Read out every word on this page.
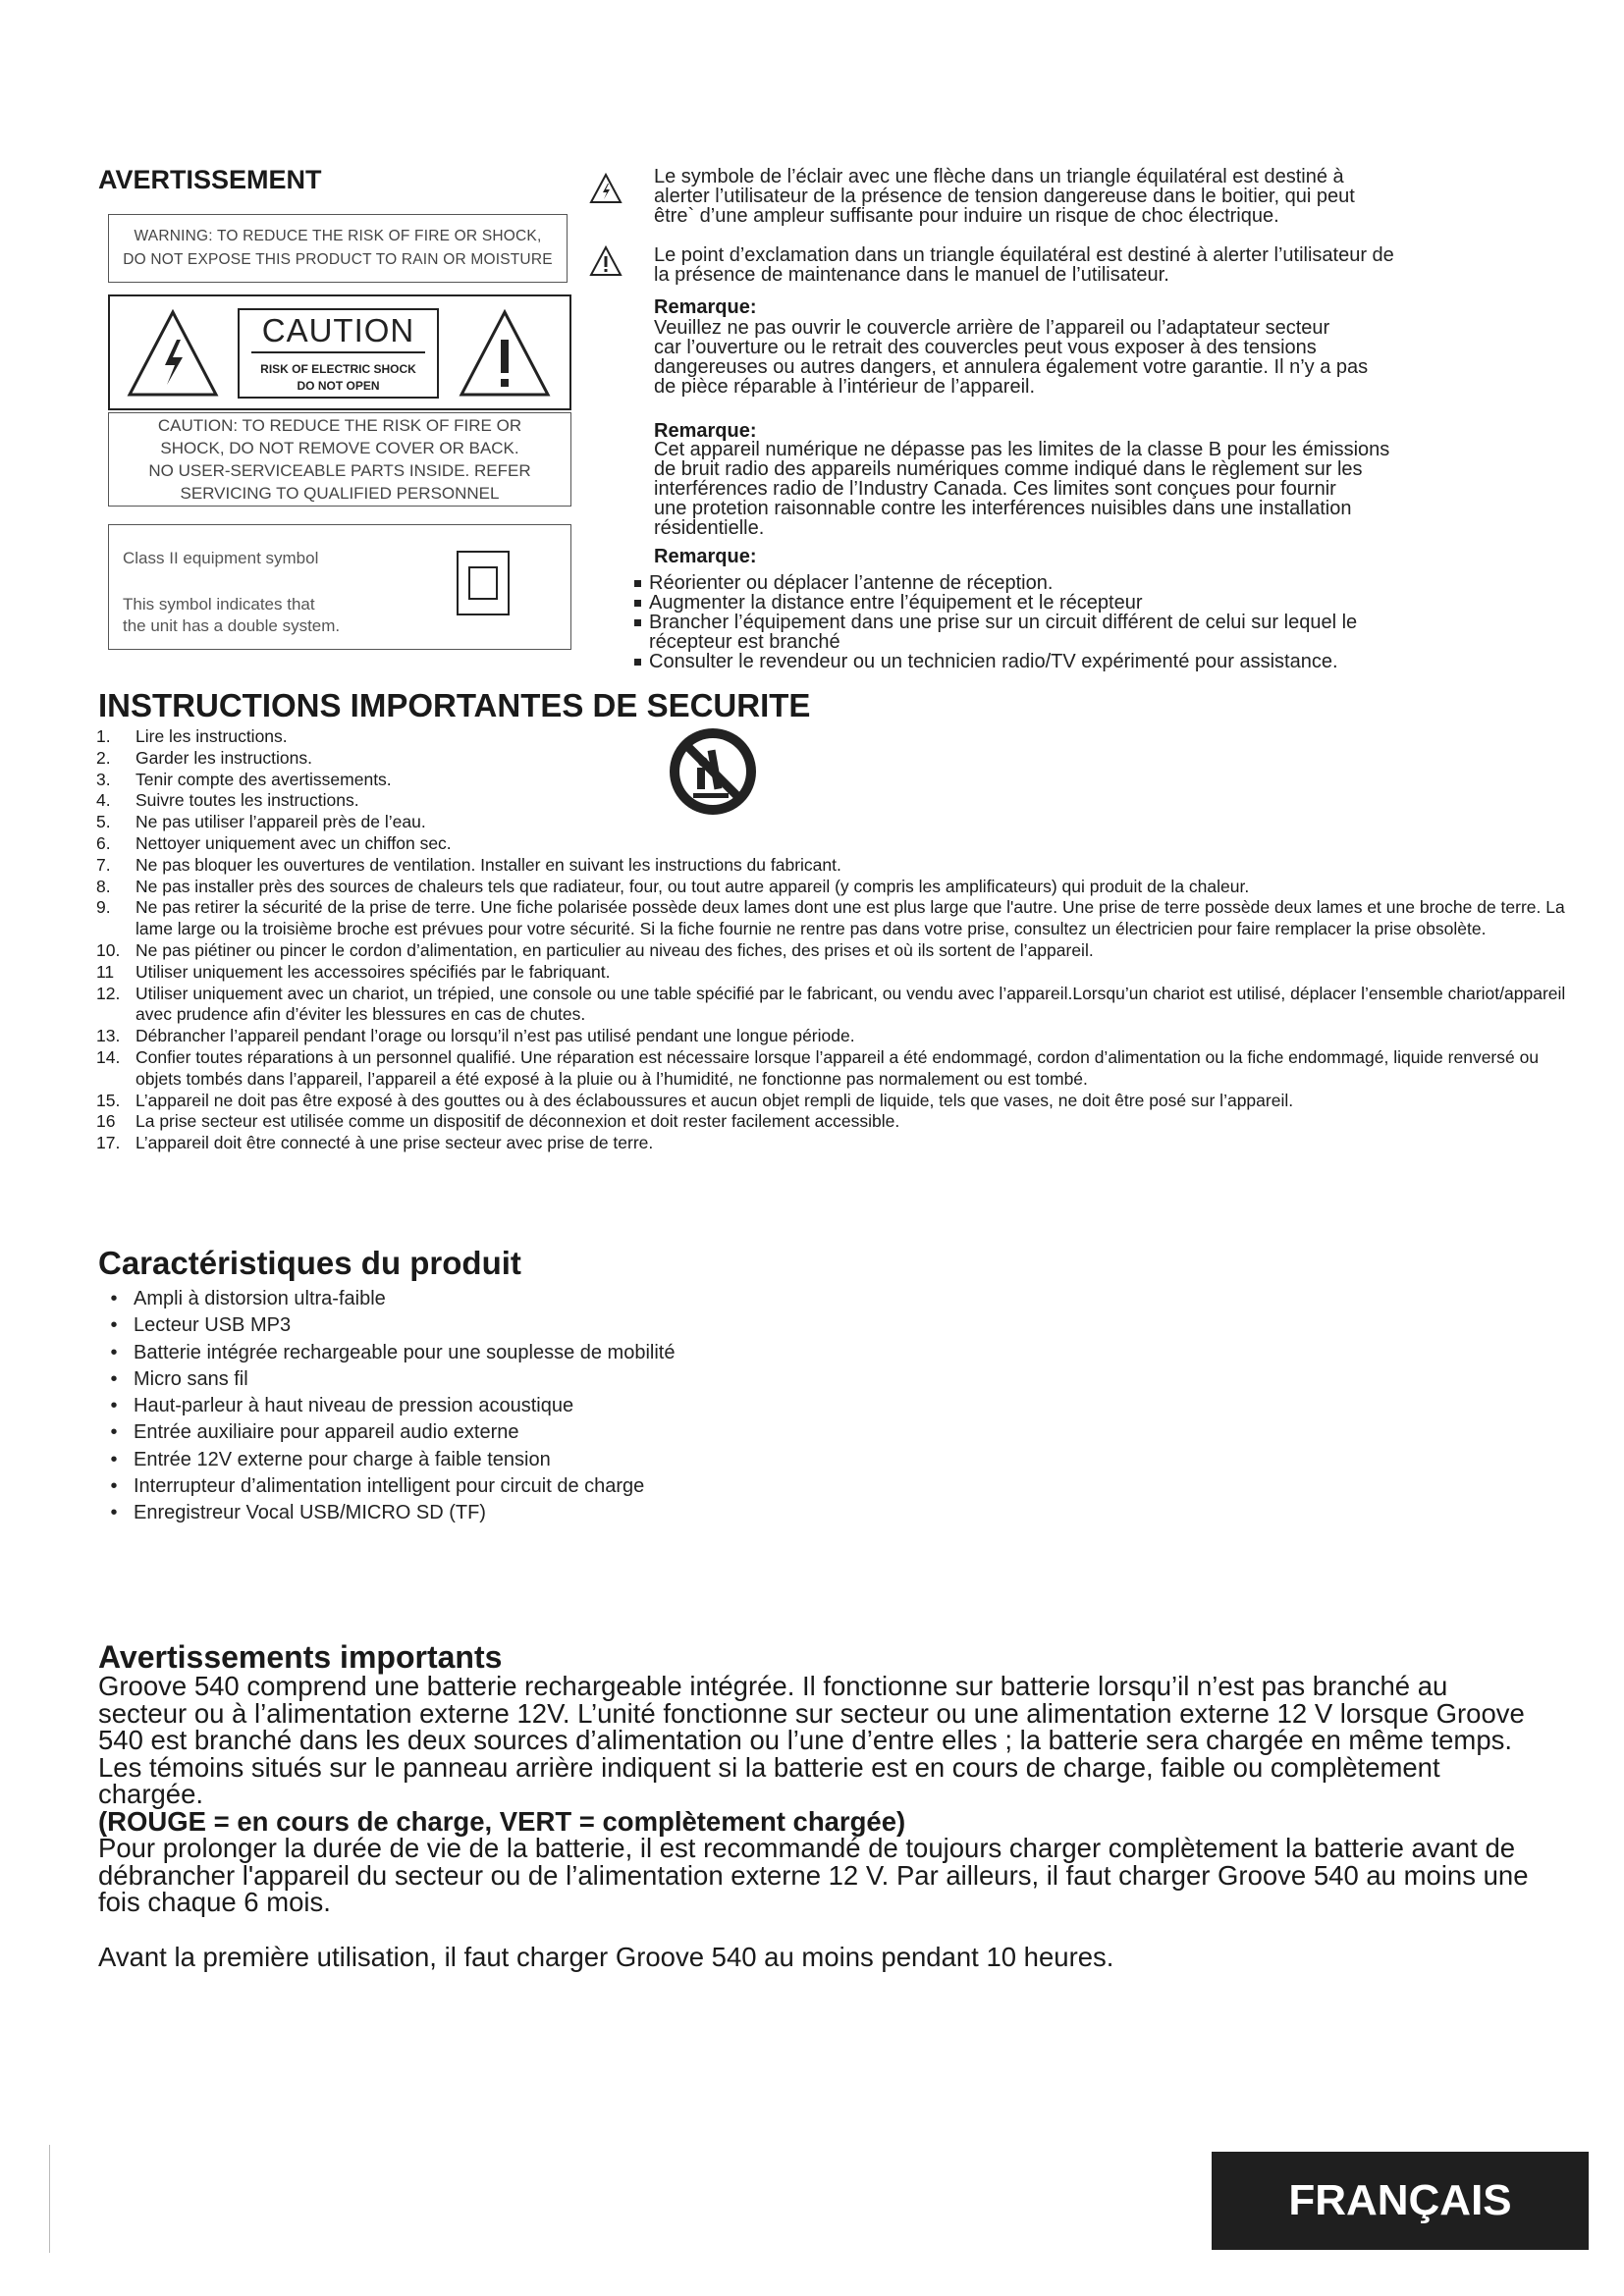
AVERTISSEMENT
WARNING: TO REDUCE THE RISK OF FIRE OR SHOCK,
DO NOT EXPOSE THIS PRODUCT TO RAIN OR MOISTURE
CAUTION
RISK OF ELECTRIC SHOCK
DO NOT OPEN
CAUTION: TO REDUCE THE RISK OF FIRE OR
SHOCK, DO NOT REMOVE COVER OR BACK.
NO USER-SERVICEABLE PARTS INSIDE. REFER
SERVICING TO QUALIFIED PERSONNEL
Class II equipment symbol
This symbol indicates that
the unit has a double system.
Le symbole de l’éclair avec une flèche dans un triangle équilatéral est destiné à
alerter l’utilisateur de la présence de tension dangereuse dans le boitier, qui peut
être` d’une ampleur suffisante pour induire un risque de choc électrique.
Le point d’exclamation dans un triangle équilatéral est destiné à alerter l’utilisateur de
la présence de maintenance dans le manuel de l’utilisateur.
Remarque:
Veuillez ne pas ouvrir le couvercle arrière de l’appareil ou l’adaptateur secteur
car l’ouverture ou le retrait des couvercles peut vous exposer à des tensions
dangereuses ou autres dangers, et annulera également votre garantie. Il n’y a pas
de pièce réparable à l’intérieur de l’appareil.
Remarque:
Cet appareil numérique ne dépasse pas les limites de la classe B pour les émissions
de bruit radio des appareils numériques comme indiqué dans le règlement sur les
interférences radio de l’Industry Canada. Ces limites sont conçues pour fournir
une protetion raisonnable contre les interférences nuisibles dans une installation
résidentielle.
Remarque:
Réorienter ou déplacer l’antenne de réception.
Augmenter la distance entre l’équipement et le récepteur
Brancher l’équipement dans une prise sur un circuit différent de celui sur lequel le
récepteur est branché
Consulter le revendeur ou un technicien radio/TV expérimenté pour assistance.
INSTRUCTIONS IMPORTANTES DE SECURITE
1.	Lire les instructions.
2.	Garder les instructions.
3.	Tenir compte des avertissements.
4.	Suivre toutes les instructions.
5.	Ne pas utiliser l’appareil près de l’eau.
6.	Nettoyer uniquement avec un chiffon sec.
7.	Ne pas bloquer les ouvertures de ventilation. Installer en suivant les instructions du fabricant.
8.	Ne pas installer près des sources de chaleurs tels que radiateur, four, ou tout autre appareil (y compris les amplificateurs) qui produit de la chaleur.
9.	Ne pas retirer la sécurité de la prise de terre. Une fiche polarisée possède deux lames dont une est plus large que l'autre. Une prise de terre possède deux lames et une broche de terre. La lame large ou la troisième broche est prévues pour votre sécurité. Si la fiche fournie ne rentre pas dans votre prise, consultez un électricien pour faire remplacer la prise obsolète.
10. Ne pas piétiner ou pincer le cordon d’alimentation, en particulier au niveau des fiches, des prises et où ils sortent de l’appareil.
11	Utiliser uniquement les accessoires spécifiés par le fabriquant.
12. Utiliser uniquement avec un chariot, un trépied, une console ou une table spécifié par le fabricant, ou vendu avec l’appareil.Lorsqu’un chariot est utilisé, déplacer l’ensemble chariot/appareil avec prudence afin d’éviter les blessures en cas de chutes.
13. Débrancher l’appareil pendant l’orage ou lorsqu’il n’est pas utilisé pendant une longue période.
14. Confier toutes réparations à un personnel qualifié. Une réparation est nécessaire lorsque l’appareil a été endommagé, cordon d’alimentation ou la fiche endommagé, liquide renversé ou objets tombés dans l’appareil, l’appareil a été exposé à la pluie ou à l’humidité, ne fonctionne pas normalement ou est tombé.
15. L’appareil ne doit pas être exposé à des gouttes ou à des éclaboussures et aucun objet rempli de liquide, tels que vases, ne doit être posé sur l’appareil.
16	La prise secteur est utilisée comme un dispositif de déconnexion et doit rester facilement accessible.
17. L’appareil doit être connecté à une prise secteur avec prise de terre.
Caractéristiques du produit
• Ampli à distorsion ultra-faible
• Lecteur USB MP3
• Batterie intégrée rechargeable pour une souplesse de mobilité
• Micro sans fil
• Haut-parleur à haut niveau de pression acoustique
• Entrée auxiliaire pour appareil audio externe
• Entrée 12V externe pour charge à faible tension
• Interrupteur d’alimentation intelligent pour circuit de charge
• Enregistreur Vocal USB/MICRO SD (TF)
Avertissements importants

Groove 540 comprend une batterie rechargeable intégrée. Il fonctionne sur batterie lorsqu’il n’est pas branché au secteur ou à l’alimentation externe 12V. L’unité fonctionne sur secteur ou une alimentation externe 12 V lorsque Groove 540 est branché dans les deux sources d’alimentation ou l’une d’entre elles ; la batterie sera chargée en même temps.

Les témoins situés sur le panneau arrière indiquent si la batterie est en cours de charge, faible ou complètement chargée.

(ROUGE = en cours de charge, VERT = complètement chargée)

Pour prolonger la durée de vie de la batterie, il est recommandé de toujours charger complètement la batterie avant de débrancher l'appareil du secteur ou de l’alimentation externe 12 V. Par ailleurs, il faut charger Groove 540 au moins une fois chaque 6 mois.

Avant la première utilisation, il faut charger Groove 540 au moins pendant 10 heures.

FRANÇAIS
